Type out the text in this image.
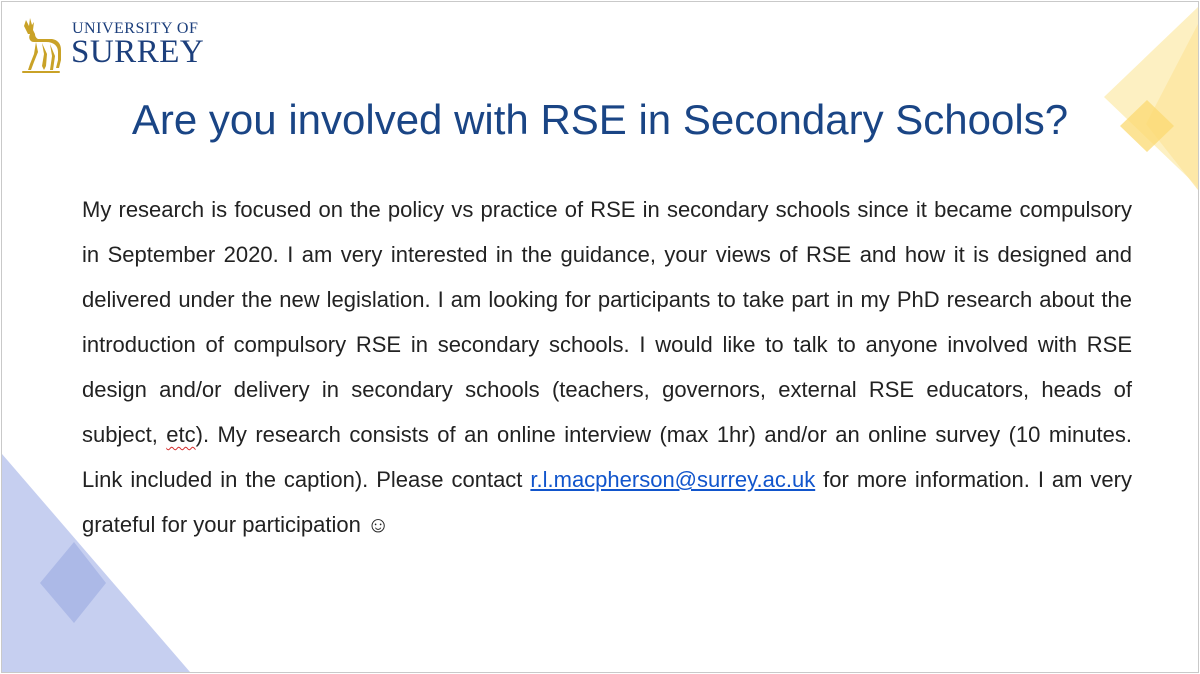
UNIVERSITY OF
SURREY
Are you involved with RSE in Secondary Schools?

My research is focused on the policy vs practice of RSE in secondary schools since it became compulsory in September 2020. I am very interested in the guidance, your views of RSE and how it is designed and delivered under the new legislation. I am looking for participants to take part in my PhD research about the introduction of compulsory RSE in secondary schools. I would like to talk to anyone involved with RSE design and/or delivery in secondary schools (teachers, governors, external RSE educators, heads of subject, etc). My research consists of an online interview (max 1hr) and/or an online survey (10 minutes. Link included in the caption). Please contact r.l.macpherson@surrey.ac.uk for more information. I am very grateful for your participation ☺
